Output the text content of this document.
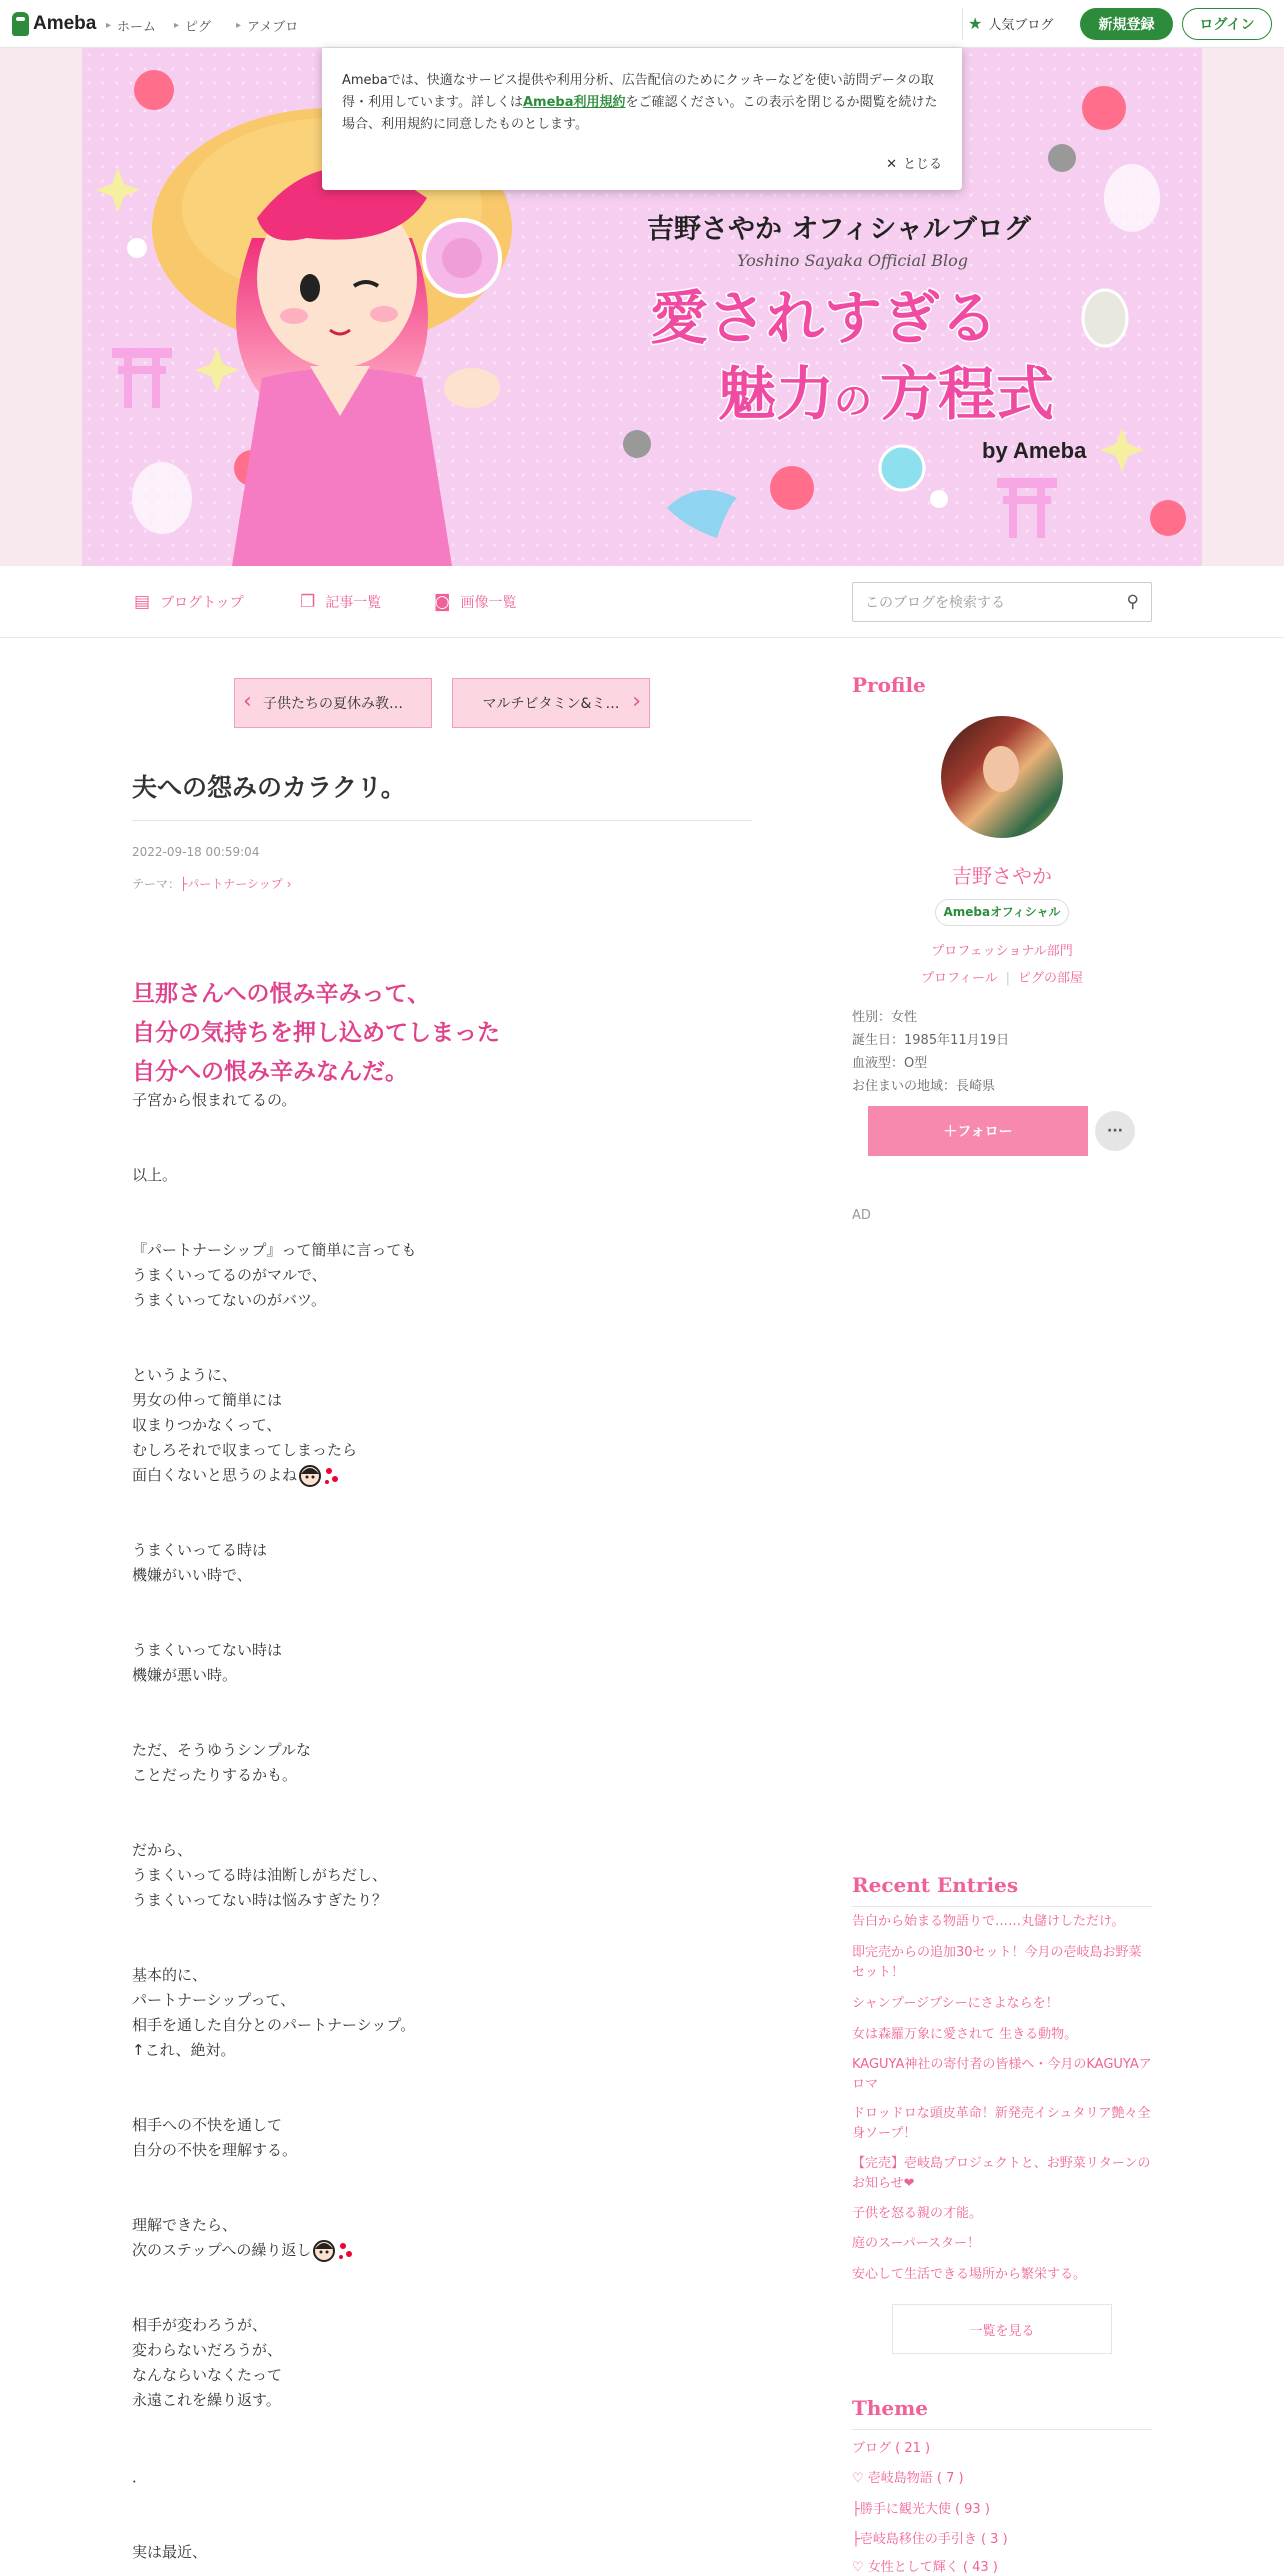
Ameba ▸ ホーム ▸ ピグ ▸ アメブロ	★ 人気ブログ	新規登録	ログイン
吉野さやか オフィシャルブログ
Yoshino Sayaka Official Blog
愛されすぎる
魅力 の 方程式
by Ameba
Amebaでは、快適なサービス提供や利用分析、広告配信のためにクッキーなどを使い訪問データの取得・利用しています。詳しくはAmeba利用規約をご確認ください。この表示を閉じるか閲覧を続けた場合、利用規約に同意したものとします。
✕ とじる
▤ ブログトップ	❐ 記事一覧	◙ 画像一覧	このブログを検索する	⚲
‹ 子供たちの夏休み教…	マルチビタミン&ミ… ›
夫への怨みのカラクリ。
2022-09-18 00:59:04
テーマ：├パートナーシップ ›
旦那さんへの恨み辛みって、
自分の気持ちを押し込めてしまった
自分への恨み辛みなんだ。
子宮から恨まれてるの。
以上。
『パートナーシップ』って簡単に言っても
うまくいってるのがマルで、
うまくいってないのがバツ。
というように、
男女の仲って簡単には
収まりつかなくって、
むしろそれで収まってしまったら
面白くないと思うのよね
うまくいってる時は
機嫌がいい時で、
うまくいってない時は
機嫌が悪い時。
ただ、そうゆうシンプルな
ことだったりするかも。
だから、
うまくいってる時は油断しがちだし、
うまくいってない時は悩みすぎたり？
基本的に、
パートナーシップって、
相手を通した自分とのパートナーシップ。
↑これ、絶対。
相手への不快を通して
自分の不快を理解する。
理解できたら、
次のステップへの繰り返し
相手が変わろうが、
変わらないだろうが、
なんならいなくたって
永遠これを繰り返す。
．
実は最近、
Profile
吉野さやか
Amebaオフィシャル
プロフェッショナル部門
プロフィール | ピグの部屋
性別：女性
誕生日：1985年11月19日
血液型：O型
お住まいの地域：長崎県
＋フォロー	···
AD
Recent Entries
告白から始まる物語りで……丸儲けしただけ。
即完売からの追加30セット！今月の壱岐島お野菜セット！
シャンプージプシーにさよならを！
女は森羅万象に愛されて 生きる動物。
KAGUYA神社の寄付者の皆様へ・今月のKAGUYAアロマ
ドロッドロな頭皮革命！新発売イシュタリア艶々全身ソープ！
【完売】壱岐島プロジェクトと、お野菜リターンのお知らせ❤
子供を怒る親の才能。
庭のスーパースター！
安心して生活できる場所から繁栄する。
一覧を見る
Theme
ブログ ( 21 )
♡ 壱岐島物語 ( 7 )
├勝手に観光大使 ( 93 )
├壱岐島移住の手引き ( 3 )
♡ 女性として輝く ( 43 )
